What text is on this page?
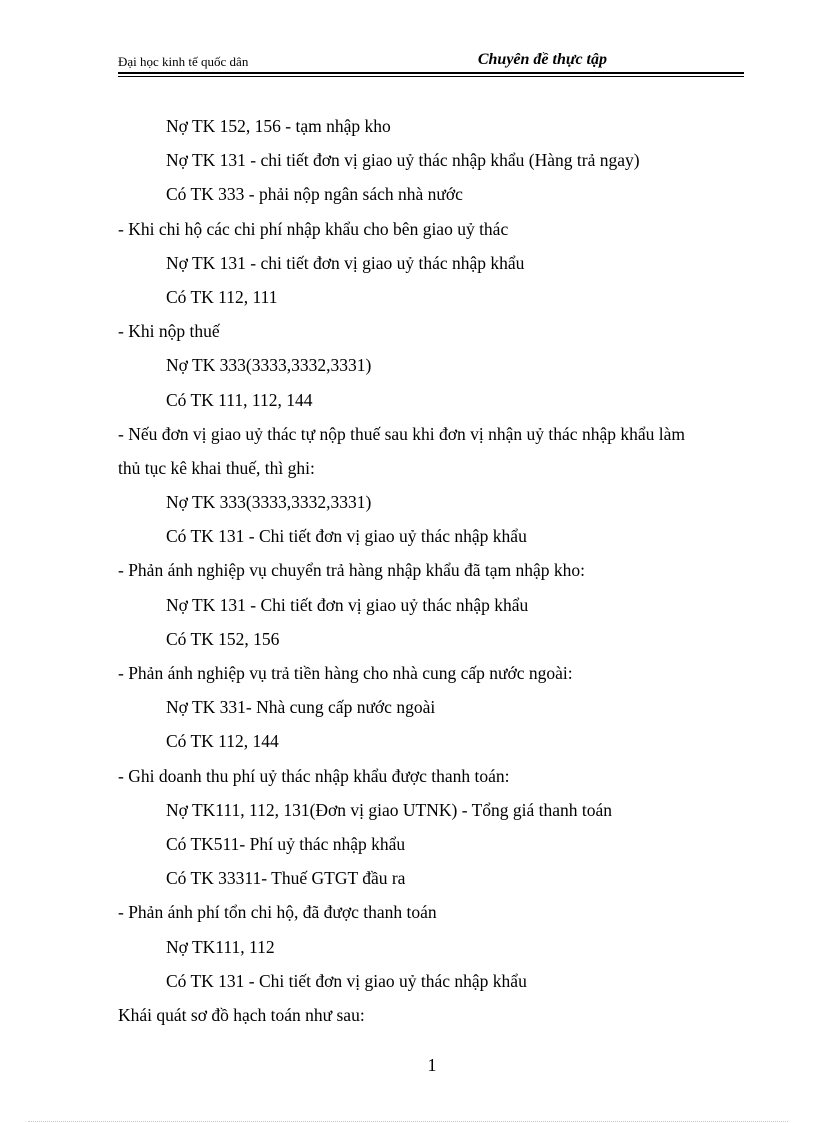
Đại học kinh tế quốc dân	Chuyên đề thực tập
Nợ TK 152, 156 - tạm nhập kho
Nợ TK 131 - chi tiết đơn vị giao uỷ thác nhập khẩu (Hàng trả ngay)
Có TK 333 - phải nộp ngân sách nhà nước
- Khi chi hộ các chi phí nhập khẩu cho bên giao uỷ thác
Nợ TK 131 - chi tiết đơn vị giao uỷ thác nhập khẩu
Có TK 112, 111
- Khi nộp thuế
Nợ TK 333(3333,3332,3331)
Có TK 111, 112, 144
- Nếu đơn vị giao uỷ thác tự nộp thuế sau khi đơn vị nhận uỷ thác nhập khẩu làm
thủ tục kê khai thuế, thì ghi:
Nợ TK 333(3333,3332,3331)
Có TK 131 - Chi tiết đơn vị giao uỷ thác nhập khẩu
- Phản ánh nghiệp vụ chuyển trả hàng nhập khẩu đã tạm nhập kho:
Nợ TK 131 - Chi tiết đơn vị giao uỷ thác nhập khẩu
Có TK 152, 156
- Phản ánh nghiệp vụ trả tiền hàng cho nhà cung cấp nước ngoài:
Nợ TK 331- Nhà cung cấp nước ngoài
Có TK 112, 144
- Ghi doanh thu phí uỷ thác nhập khẩu được thanh toán:
Nợ TK111, 112, 131(Đơn vị giao UTNK) - Tổng giá thanh toán
Có TK511- Phí uỷ thác nhập khẩu
Có TK 33311- Thuế GTGT đầu ra
- Phản ánh phí tổn chi hộ, đã được thanh toán
Nợ TK111, 112
Có TK 131 - Chi tiết đơn vị giao uỷ thác nhập khẩu
Khái quát sơ đồ hạch toán như sau:
1
